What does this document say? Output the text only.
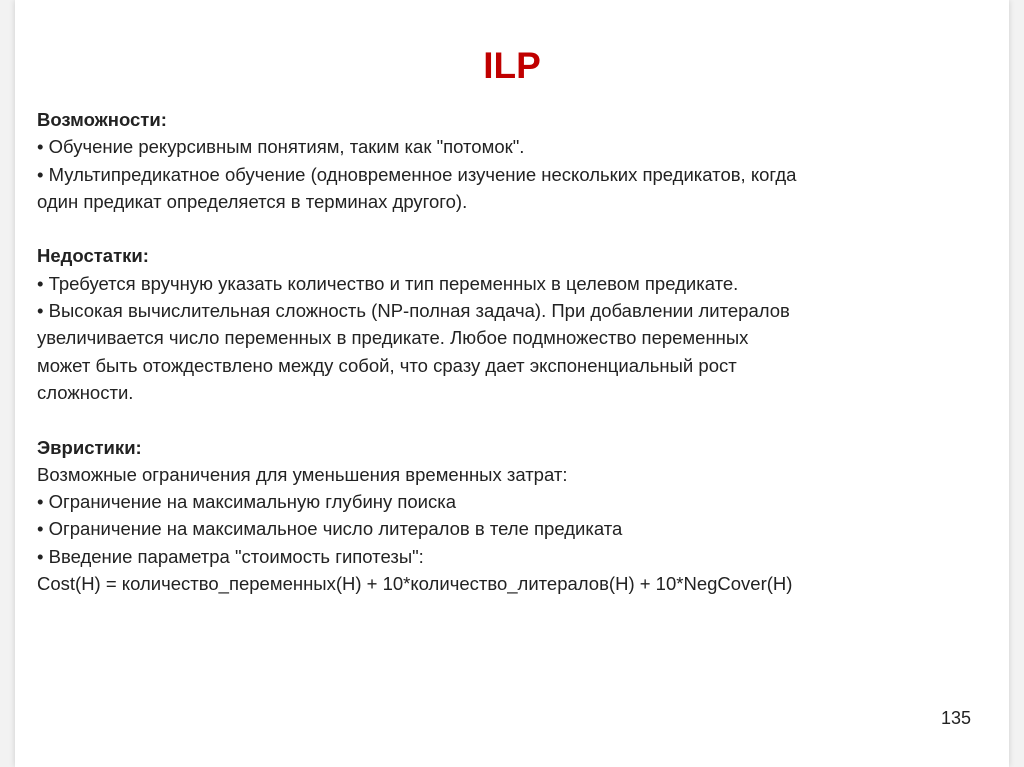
ILP
Возможности:
• Обучение рекурсивным понятиям, таким как "потомок".
• Мультипредикатное обучение (одновременное изучение нескольких предикатов, когда
один предикат определяется в терминах другого).
Недостатки:
• Требуется вручную указать количество и тип переменных в целевом предикате.
• Высокая вычислительная сложность (NP-полная задача). При добавлении литералов
увеличивается число переменных в предикате. Любое подмножество переменных
может быть отождествлено между собой, что сразу дает экспоненциальный рост
сложности.
Эвристики:
Возможные ограничения для уменьшения временных затрат:
• Ограничение на максимальную глубину поиска
• Ограничение на максимальное число литералов в теле предиката
• Введение параметра "стоимость гипотезы":
Cost(H) = количество_переменных(H) + 10*количество_литералов(H) + 10*NegCover(H)
135
